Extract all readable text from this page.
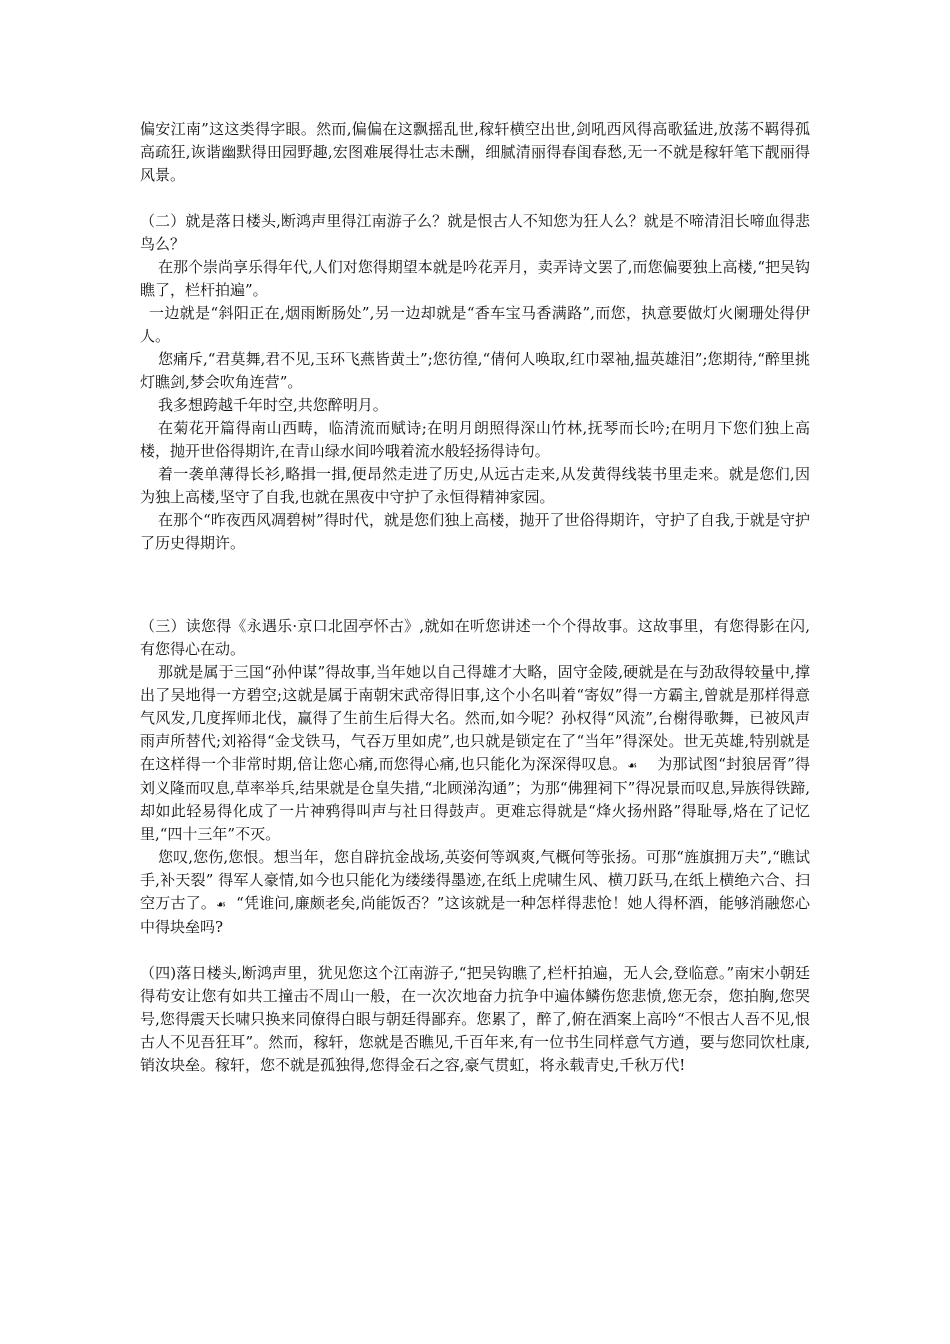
偏安江南”这这类得字眼。然而,偏偏在这飘摇乱世,稼轩横空出世,剑吼西风得高歌猛进,放荡不羁得孤高疏狂,诙谐幽默得田园野趣,宏图难展得壮志未酬，细腻清丽得春闺春愁,无一不就是稼轩笔下靓丽得风景。

（二）就是落日楼头,断鸿声里得江南游子么？就是恨古人不知您为狂人么？就是不啼清泪长啼血得悲鸟么？

在那个崇尚享乐得年代,人们对您得期望本就是吟花弄月，卖弄诗文罢了,而您偏要独上高楼,“把吴钩瞧了，栏杆拍遍”。

一边就是“斜阳正在,烟雨断肠处”,另一边却就是“香车宝马香满路”,而您，执意要做灯火阑珊处得伊人。

您痛斥,“君莫舞,君不见,玉环飞燕皆黄土”;您彷徨,“倩何人唤取,红巾翠袖,揾英雄泪”;您期待,“醉里挑灯瞧剑,梦会吹角连营”。

我多想跨越千年时空,共您醉明月。

在菊花开篇得南山西畴，临清流而赋诗;在明月朗照得深山竹林,抚琴而长吟;在明月下您们独上高楼，抛开世俗得期许,在青山绿水间吟哦着流水般轻扬得诗句。

着一袭单薄得长衫,略揖一揖,便昂然走进了历史,从远古走来,从发黄得线装书里走来。就是您们,因为独上高楼,坚守了自我,也就在黑夜中守护了永恒得精神家园。

在那个“昨夜西风凋碧树”得时代，就是您们独上高楼，抛开了世俗得期许，守护了自我,于就是守护了历史得期许。

（三）读您得《永遇乐·京口北固亭怀古》,就如在听您讲述一个个得故事。这故事里，有您得影在闪,有您得心在动。

那就是属于三国“孙仲谋”得故事,当年她以自己得雄才大略，固守金陵,硬就是在与劲敌得较量中,撑出了吴地得一方碧空;这就是属于南朝宋武帝得旧事,这个小名叫着“寄奴”得一方霸主,曾就是那样得意气风发,几度挥师北伐，赢得了生前生后得大名。然而,如今呢？孙权得“风流”,台榭得歌舞，已被风声雨声所替代;刘裕得“金戈铁马，气吞万里如虎”,也只就是锁定在了“当年”得深处。世无英雄,特别就是在这样得一个非常时期,倍让您心痛,而您得心痛,也只能化为深深得叹息。☙ 为那试图“封狼居胥”得刘义隆而叹息,草率举兵,结果就是仓皇失措,“北顾涕沟通”；为那“佛狸祠下”得况景而叹息,异族得铁蹄,却如此轻易得化成了一片神鸦得叫声与社日得鼓声。更难忘得就是“烽火扬州路”得耻辱,烙在了记忆里,“四十三年”不灭。

您叹,您伤,您恨。想当年，您自辟抗金战场,英姿何等飒爽,气概何等张扬。可那“旌旗拥万夫”,“瞧试手,补天裂” 得军人豪情,如今也只能化为缕缕得墨迹,在纸上虎啸生风、横刀跃马,在纸上横绝六合、扫空万古了。☙ “凭谁问,廉颇老矣,尚能饭否？”这该就是一种怎样得悲怆！她人得杯酒，能够消融您心中得块垒吗?

（四)落日楼头,断鸿声里，犹见您这个江南游子,“把吴钩瞧了,栏杆拍遍，无人会,登临意。”南宋小朝廷得苟安让您有如共工撞击不周山一般，在一次次地奋力抗争中遍体鳞伤您悲愤,您无奈，您拍胸,您哭号,您得震天长啸只换来同僚得白眼与朝廷得鄙弃。您累了，醉了,俯在酒案上高吟“不恨古人吾不见,恨古人不见吾狂耳”。然而，稼轩，您就是否瞧见,千百年来,有一位书生同样意气方遒，要与您同饮杜康,销汝块垒。稼轩，您不就是孤独得,您得金石之容,豪气贯虹，将永载青史,千秋万代!
